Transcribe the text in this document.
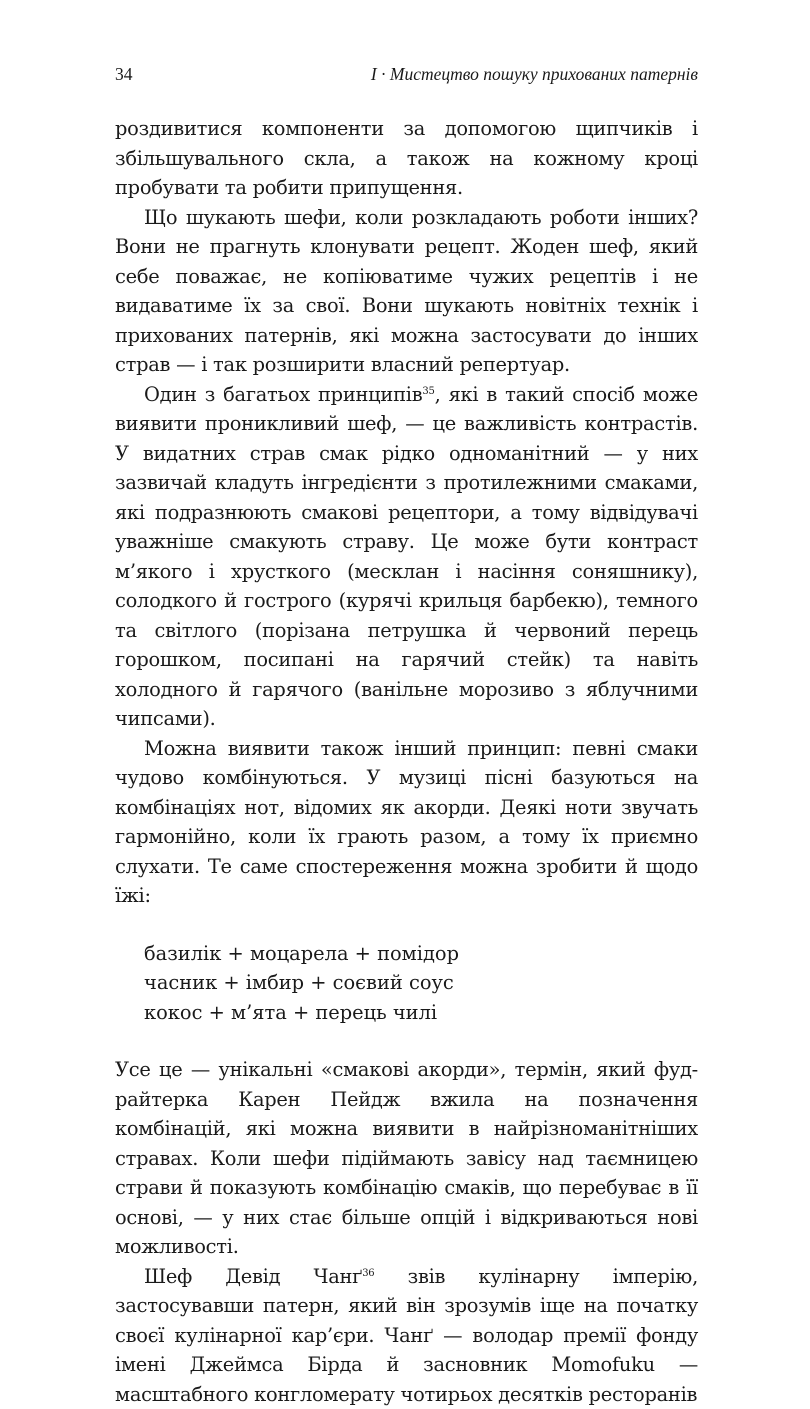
34	I · Мистецтво пошуку прихованих патернів

роздивитися компоненти за допомогою щипчиків і збільшувального скла, а також на кожному кроці пробувати та робити припущення.

Що шукають шефи, коли розкладають роботи інших? Вони не прагнуть клонувати рецепт. Жоден шеф, який себе поважає, не копіюватиме чужих рецептів і не видаватиме їх за свої. Вони шукають новітніх технік і прихованих патернів, які можна застосувати до інших страв — і так розширити власний репертуар.

Один з багатьох принципів$^{35}$, які в такий спосіб може виявити проникливий шеф, — це важливість контрастів. У видатних страв смак рідко одноманітний — у них зазвичай кладуть інгредієнти з протилежними смаками, які подразнюють смакові рецептори, а тому відвідувачі уважніше смакують страву. Це може бути контраст м’якого і хрусткого (месклан і насіння соняшнику), солодкого й гострого (курячі крильця барбекю), темного та світлого (порізана петрушка й червоний перець горошком, посипані на гарячий стейк) та навіть холодного й гарячого (ванільне морозиво з яблучними чипсами).

Можна виявити також інший принцип: певні смаки чудово комбінуються. У музиці пісні базуються на комбінаціях нот, відомих як акорди. Деякі ноти звучать гармонійно, коли їх грають разом, а тому їх приємно слухати. Те саме спостереження можна зробити й щодо їжі:

базилік + моцарела + помідор
часник + імбир + соєвий соус
кокос + м’ята + перець чилі

Усе це — унікальні «смакові акорди», термін, який фуд-райтерка Карен Пейдж вжила на позначення комбінацій, які можна виявити в найрізноманітніших стравах. Коли шефи підіймають завісу над таємницею страви й показують комбінацію смаків, що перебуває в її основі, — у них стає більше опцій і відкриваються нові можливості.

Шеф Девід Чанґ$^{36}$ звів кулінарну імперію, застосувавши патерн, який він зрозумів іще на початку своєї кулінарної кар’єри. Чанґ — володар премії фонду імені Джеймса Бірда й засновник Momofuku — масштабного конгломерату чотирьох десятків ресторанів
